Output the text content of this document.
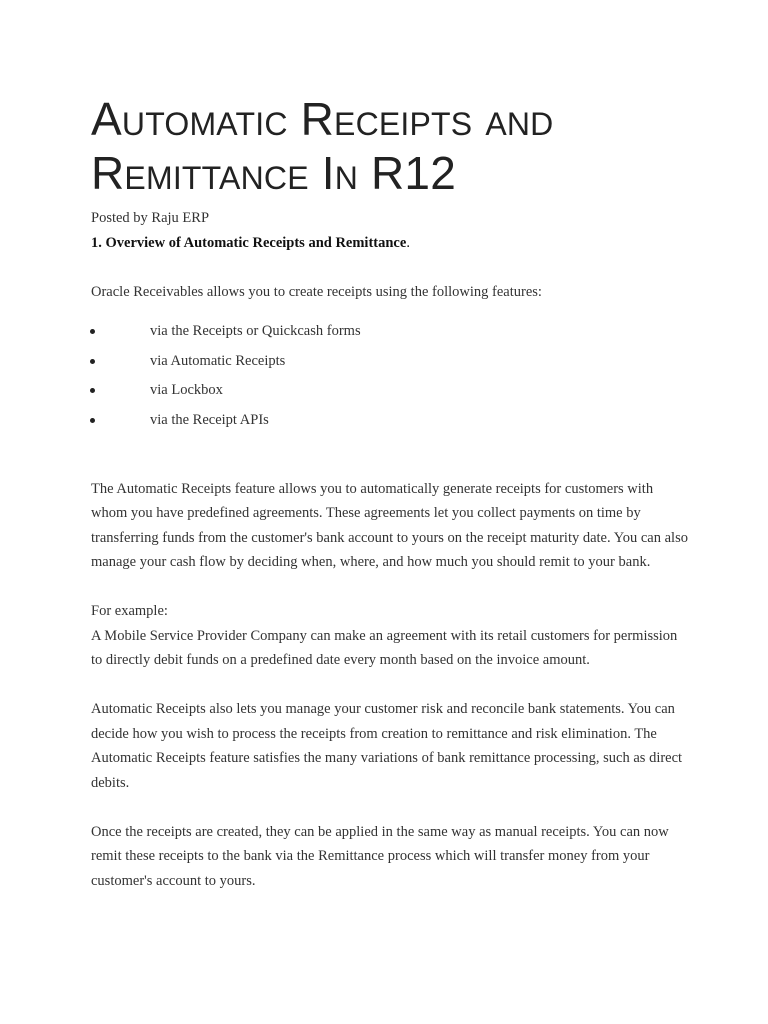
Automatic Receipts and
Remittance In R12
Posted by Raju ERP
1. Overview of Automatic Receipts and Remittance.

Oracle Receivables allows you to create receipts using the following features:

via the Receipts or Quickcash forms
via Automatic Receipts
via Lockbox
via the Receipt APIs

The Automatic Receipts feature allows you to automatically generate receipts for customers with whom you have predefined agreements. These agreements let you collect payments on time by transferring funds from the customer's bank account to yours on the receipt maturity date. You can also manage your cash flow by deciding when, where, and how much you should remit to your bank.

For example:

A Mobile Service Provider Company can make an agreement with its retail customers for permission to directly debit funds on a predefined date every month based on the invoice amount.

Automatic Receipts also lets you manage your customer risk and reconcile bank statements. You can decide how you wish to process the receipts from creation to remittance and risk elimination. The Automatic Receipts feature satisfies the many variations of bank remittance processing, such as direct debits.

Once the receipts are created, they can be applied in the same way as manual receipts. You can now remit these receipts to the bank via the Remittance process which will transfer money from your customer's account to yours.
